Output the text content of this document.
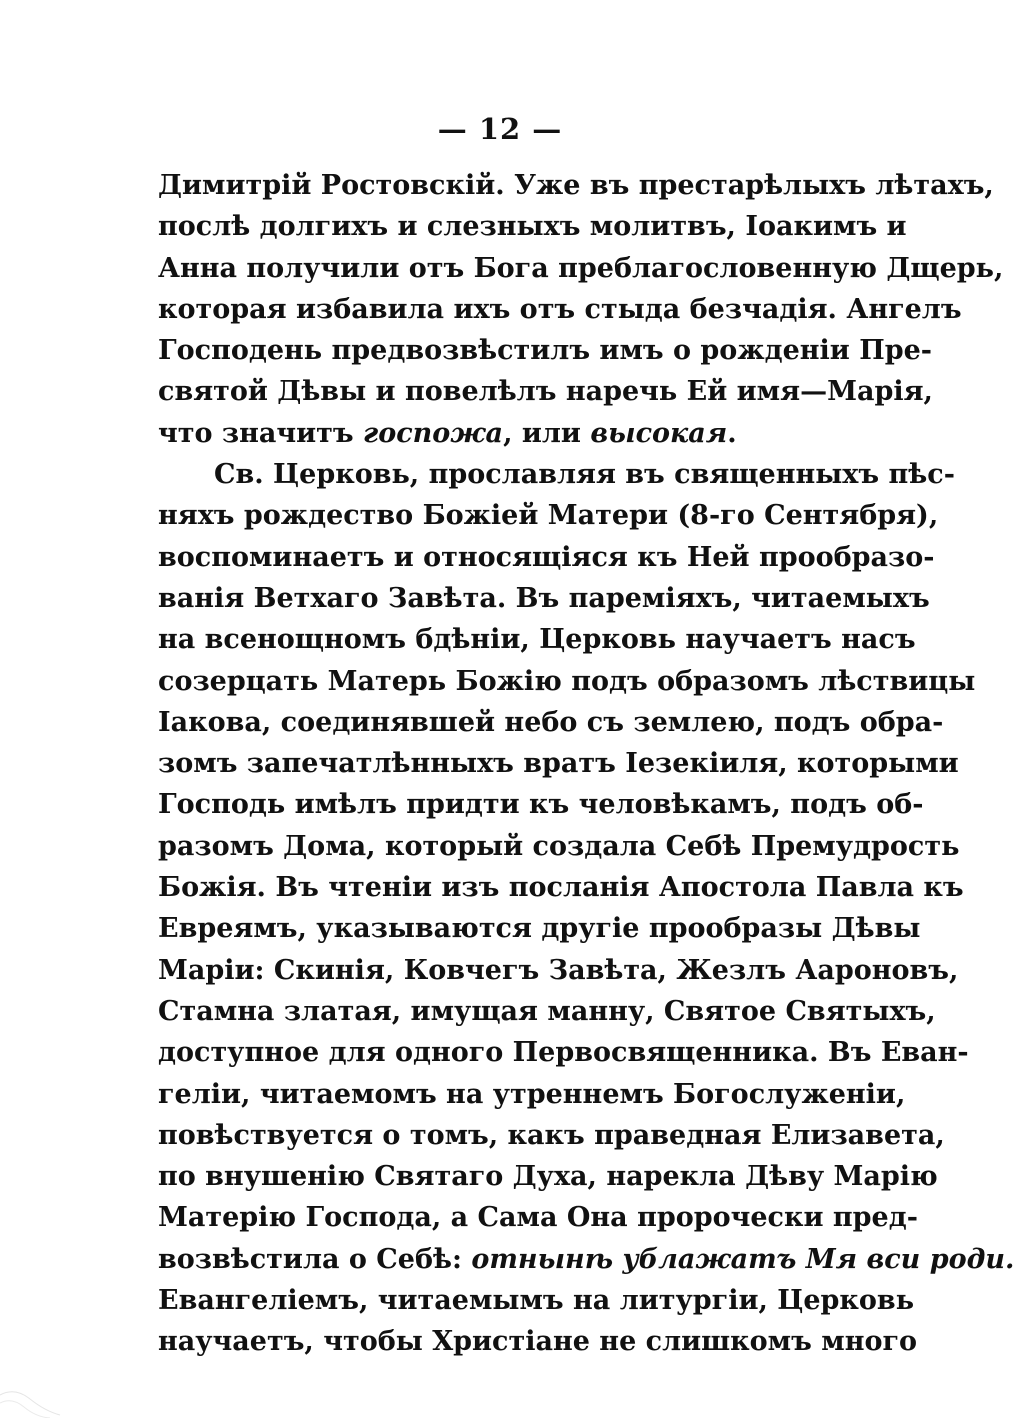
— 12 —
Димитрій Ростовскій. Уже въ престарѣлыхъ лѣтахъ,
послѣ долгихъ и слезныхъ молитвъ, Іоакимъ и
Анна получили отъ Бога преблагословенную Дщерь,
которая избавила ихъ отъ стыда безчадія. Ангелъ
Господень предвозвѣстилъ имъ о рожденіи Пре-
святой Дѣвы и повелѣлъ наречь Ей имя—Марія,
что значитъ госпожа, или высокая.
Св. Церковь, прославляя въ священныхъ пѣс-
няхъ рождество Божіей Матери (8-го Сентября),
воспоминаетъ и относящіяся къ Ней прообразо-
ванія Ветхаго Завѣта. Въ пареміяхъ, читаемыхъ
на всенощномъ бдѣніи, Церковь научаетъ насъ
созерцать Матерь Божію подъ образомъ лѣствицы
Іакова, соединявшей небо съ землею, подъ обра-
зомъ запечатлѣнныхъ вратъ Іезекіиля, которыми
Господь имѣлъ придти къ человѣкамъ, подъ об-
разомъ Дома, который создала Себѣ Премудрость
Божія. Въ чтеніи изъ посланія Апостола Павла къ
Евреямъ, указываются другіе прообразы Дѣвы
Маріи: Скинія, Ковчегъ Завѣта, Жезлъ Аароновъ,
Стамна златая, имущая манну, Святое Святыхъ,
доступное для одного Первосвященника. Въ Еван-
геліи, читаемомъ на утреннемъ Богослуженіи,
повѣствуется о томъ, какъ праведная Елизавета,
по внушенію Святаго Духа, нарекла Дѣву Марію
Матерію Господа, а Сама Она пророчески пред-
возвѣстила о Себѣ: отнынѣ ублажатъ Мя вси роди.
Евангеліемъ, читаемымъ на литургіи, Церковь
научаетъ, чтобы Христіане не слишкомъ много
